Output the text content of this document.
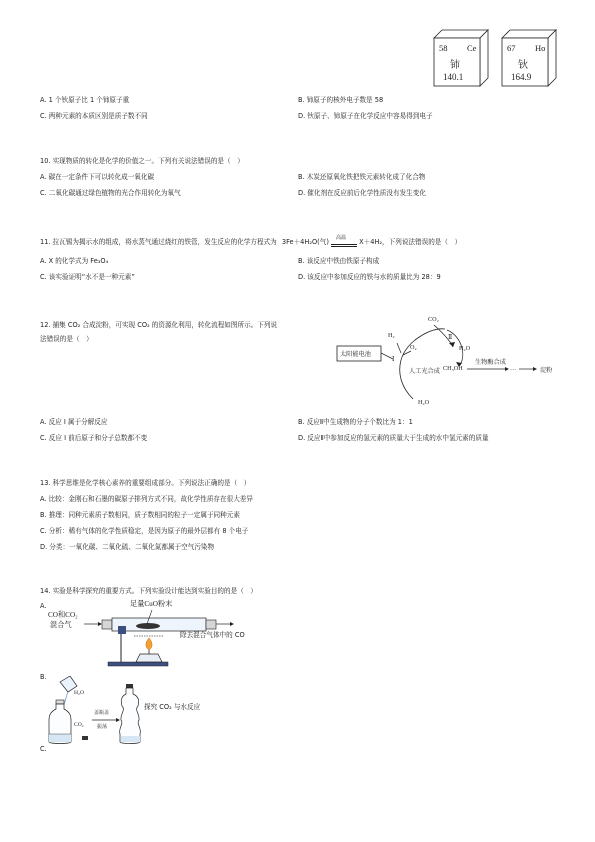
58 Ce
铈
140.1
67 Ho
钬
164.9
A. 1 个钬原子比 1 个铈原子重	B. 铈原子的核外电子数是 58
C. 两种元素的本质区别是质子数不同	D. 钬原子、铈原子在化学反应中容易得到电子
10. 实现物质的转化是化学的价值之一。下列有关说法错误的是（　）
A. 碳在一定条件下可以转化成一氧化碳	B. 木炭还原氧化铁把铁元素转化成了化合物
C. 二氧化碳通过绿色植物的光合作用转化为氧气	D. 催化剂在反应前后化学性质没有发生变化
11. 拉瓦锡为揭示水的组成，将水蒸气通过烧红的铁管，发生反应的化学方程式为 3Fe＋4H₂O(气) 高温 X＋4H₂，下列说法错误的是（　）
A. X 的化学式为 Fe₃O₄	B. 该反应中铁由铁原子构成
C. 该实验证明“水不是一种元素”	D. 该反应中参加反应的铁与水的质量比为 28：9
12. 捕集 CO₂ 合成淀粉，可实现 CO₂ 的资源化利用，转化流程如图所示。下列说
法错误的是（　）
太阳能电池
H₂
O₂
Ⅰ
CO₂
Ⅱ
H₂O
人工光合成 CH₃OH
生物酶合成
…	淀粉
H₂O
A. 反应 Ⅰ 属于分解反应	B. 反应Ⅱ中生成物的分子个数比为 1：1
C. 反应 Ⅰ 前后原子和分子总数都不变	D. 反应Ⅱ中参加反应的氢元素的质量大于生成的水中氢元素的质量
13. 科学思维是化学核心素养的重要组成部分。下列说法正确的是（　）
A. 比较：金刚石和石墨的碳原子排列方式不同，故化学性质存在很大差异
B. 推理：同种元素质子数相同，质子数相同的粒子一定属于同种元素
C. 分析：稀有气体的化学性质稳定，是因为原子的最外层都有 8 个电子
D. 分类：一氧化碳、二氧化硫、二氧化氮都属于空气污染物
14. 实验是科学探究的重要方式。下列实验设计能达到实验目的的是（　）
A.
CO和CO₂
混合气
足量CuO粉末
除去混合气体中的 CO
B.
H₂O
CO₂
盖瓶盖
振荡
探究 CO₂ 与水反应
C.
